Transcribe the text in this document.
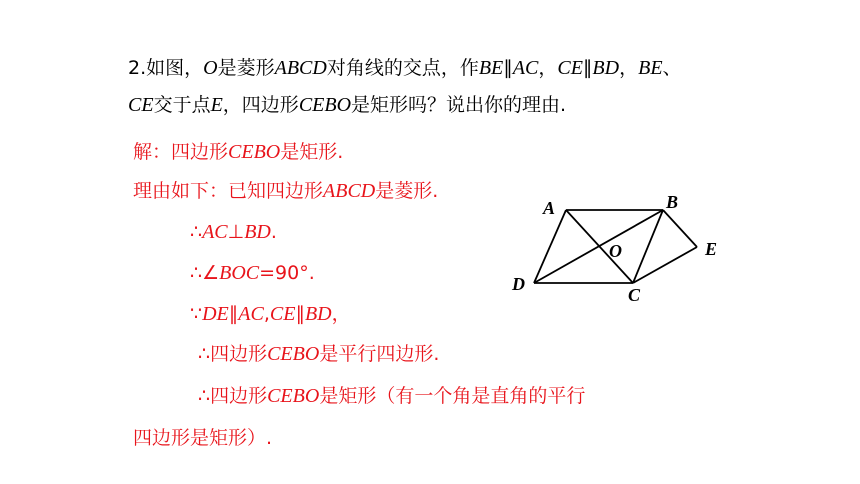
2.如图，O是菱形ABCD对角线的交点，作BE∥AC，CE∥BD，BE、
CE交于点E，四边形CEBO是矩形吗？说出你的理由.
解：四边形CEBO是矩形.
理由如下：已知四边形ABCD是菱形.
∴AC⊥BD.
∴∠BOC=90°.
∵DE∥AC,CE∥BD，
∴四边形CEBO是平行四边形.
∴四边形CEBO是矩形（有一个角是直角的平行
四边形是矩形）.
A	B
C
D
E
O
